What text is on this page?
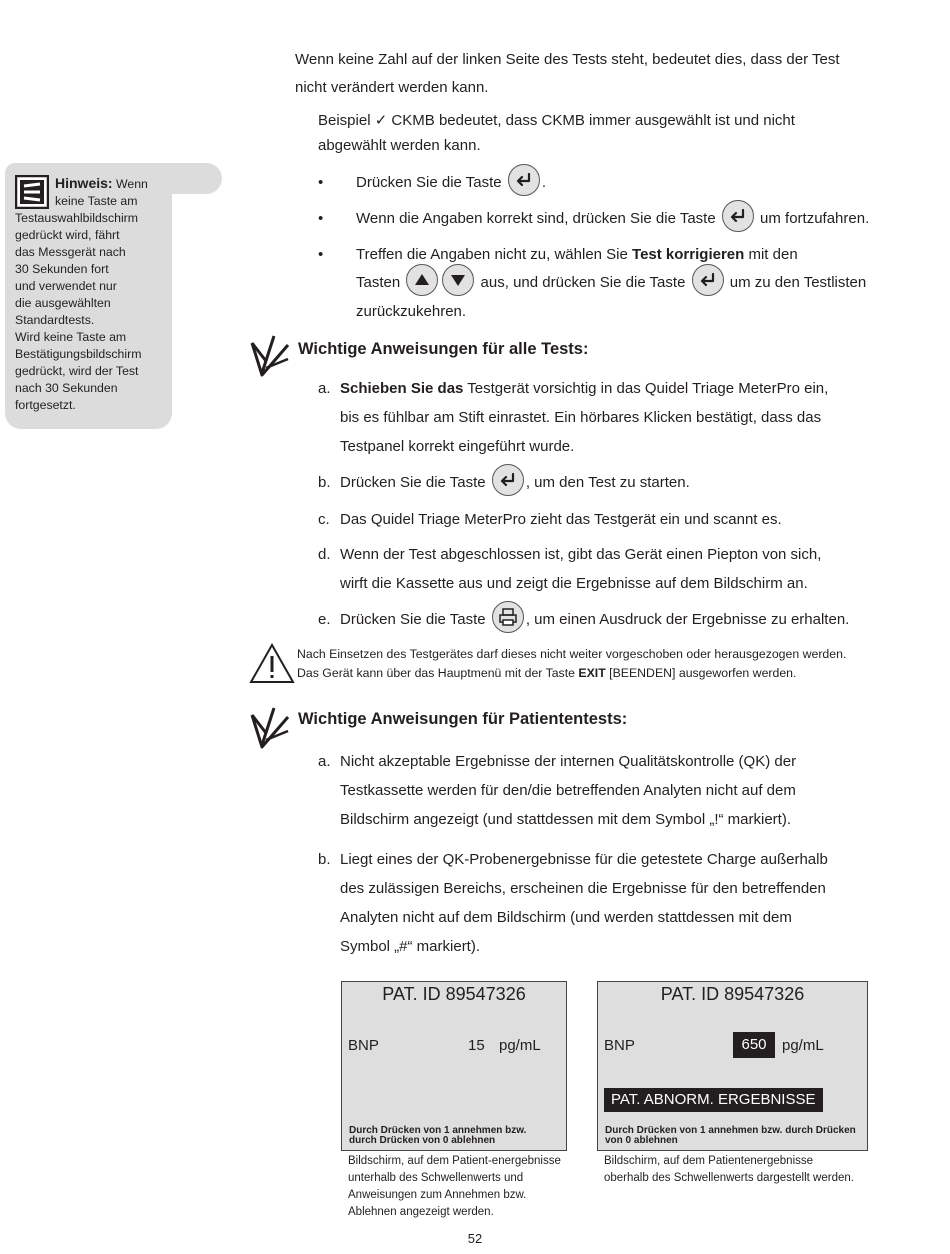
Hinweis: Wenn
keine Taste am
Testauswahlbildschirm
gedrückt wird, fährt
das Messgerät nach
30 Sekunden fort
und verwendet nur
die ausgewählten
Standardtests.
Wird keine Taste am
Bestätigungsbildschirm
gedrückt, wird der Test
nach 30 Sekunden
fortgesetzt.

Wenn keine Zahl auf der linken Seite des Tests steht, bedeutet dies, dass der Test

nicht verändert werden kann.

Beispiel ✓ CKMB bedeutet, dass CKMB immer ausgewählt ist und nicht

abgewählt werden kann.

• Drücken Sie die Taste	.

• Wenn die Angaben korrekt sind, drücken Sie die Taste	um fortzufahren.

• Treffen die Angaben nicht zu, wählen Sie Test korrigieren mit den

Tasten	aus, und drücken Sie die Taste	um zu den Testlisten

zurückzukehren.

Wichtige Anweisungen für alle Tests:

a. Schieben Sie das Testgerät vorsichtig in das Quidel Triage MeterPro ein,

bis es fühlbar am Stift einrastet. Ein hörbares Klicken bestätigt, dass das

Testpanel korrekt eingeführt wurde.

b. Drücken Sie die Taste	, um den Test zu starten.

c. Das Quidel Triage MeterPro zieht das Testgerät ein und scannt es.

d. Wenn der Test abgeschlossen ist, gibt das Gerät einen Piepton von sich,

wirft die Kassette aus und zeigt die Ergebnisse auf dem Bildschirm an.

e. Drücken Sie die Taste	, um einen Ausdruck der Ergebnisse zu erhalten.

Nach Einsetzen des Testgerätes darf dieses nicht weiter vorgeschoben oder herausgezogen werden.
Das Gerät kann über das Hauptmenü mit der Taste EXIT [BEENDEN] ausgeworfen werden.

Wichtige Anweisungen für Patiententests:

a. Nicht akzeptable Ergebnisse der internen Qualitätskontrolle (QK) der

Testkassette werden für den/die betreffenden Analyten nicht auf dem

Bildschirm angezeigt (und stattdessen mit dem Symbol „!“ markiert).

b. Liegt eines der QK-Probenergebnisse für die getestete Charge außerhalb

des zulässigen Bereichs, erscheinen die Ergebnisse für den betreffenden

Analyten nicht auf dem Bildschirm (und werden stattdessen mit dem

Symbol „#“ markiert).

PAT. ID 89547326
BNP	15 pg/mL
Durch Drücken von 1 annehmen bzw.
durch Drücken von 0 ablehnen
Bildschirm, auf dem Patient-energebnisse
unterhalb des Schwellenwerts und
Anweisungen zum Annehmen bzw.
Ablehnen angezeigt werden.
PAT. ID 89547326
BNP	650	pg/mL
PAT. ABNORM. ERGEBNISSE
Durch Drücken von 1 annehmen bzw. durch Drücken
von 0 ablehnen
Bildschirm, auf dem Patientenergebnisse
oberhalb des Schwellenwerts dargestellt werden.
52
